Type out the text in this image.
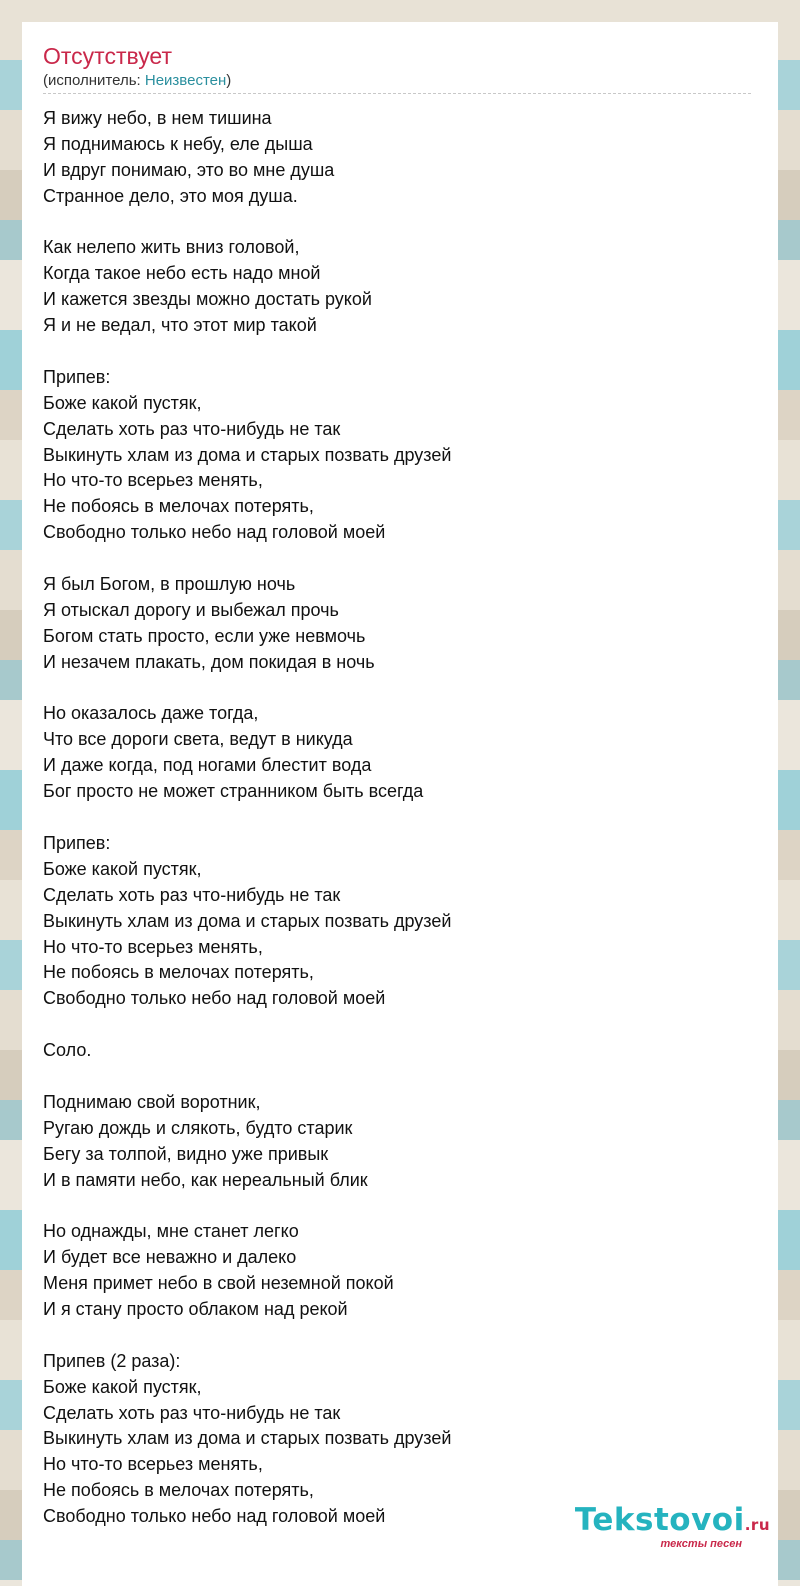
Отсутствует
(исполнитель: Неизвестен)
Я вижу небо, в нем тишина
Я поднимаюсь к небу, еле дыша
И вдруг понимаю, это во мне душа
Странное дело, это моя душа.
Как нелепо жить вниз головой,
Когда такое небо есть надо мной
И кажется звезды можно достать рукой
Я и не ведал, что этот мир такой
Припев:
Боже какой пустяк,
Сделать хоть раз что-нибудь не так
Выкинуть хлам из дома и старых позвать друзей
Но что-то всерьез менять,
Не побоясь в мелочах потерять,
Свободно только небо над головой моей
Я был Богом, в прошлую ночь
Я отыскал дорогу и выбежал прочь
Богом стать просто, если уже невмочь
И незачем плакать, дом покидая в ночь
Но оказалось даже тогда,
Что все дороги света, ведут в никуда
И даже когда, под ногами блестит вода
Бог просто не может странником быть всегда
Припев:
Боже какой пустяк,
Сделать хоть раз что-нибудь не так
Выкинуть хлам из дома и старых позвать друзей
Но что-то всерьез менять,
Не побоясь в мелочах потерять,
Свободно только небо над головой моей
Соло.
Поднимаю свой воротник,
Ругаю дождь и слякоть, будто старик
Бегу за толпой, видно уже привык
И в памяти небо, как нереальный блик
Но однажды, мне станет легко
И будет все неважно и далеко
Меня примет небо в свой неземной покой
И я стану просто облаком над рекой
Припев (2 раза):
Боже какой пустяк,
Сделать хоть раз что-нибудь не так
Выкинуть хлам из дома и старых позвать друзей
Но что-то всерьез менять,
Не побоясь в мелочах потерять,
Свободно только небо над головой моей	Tekstovoi.ru
тексты песен
